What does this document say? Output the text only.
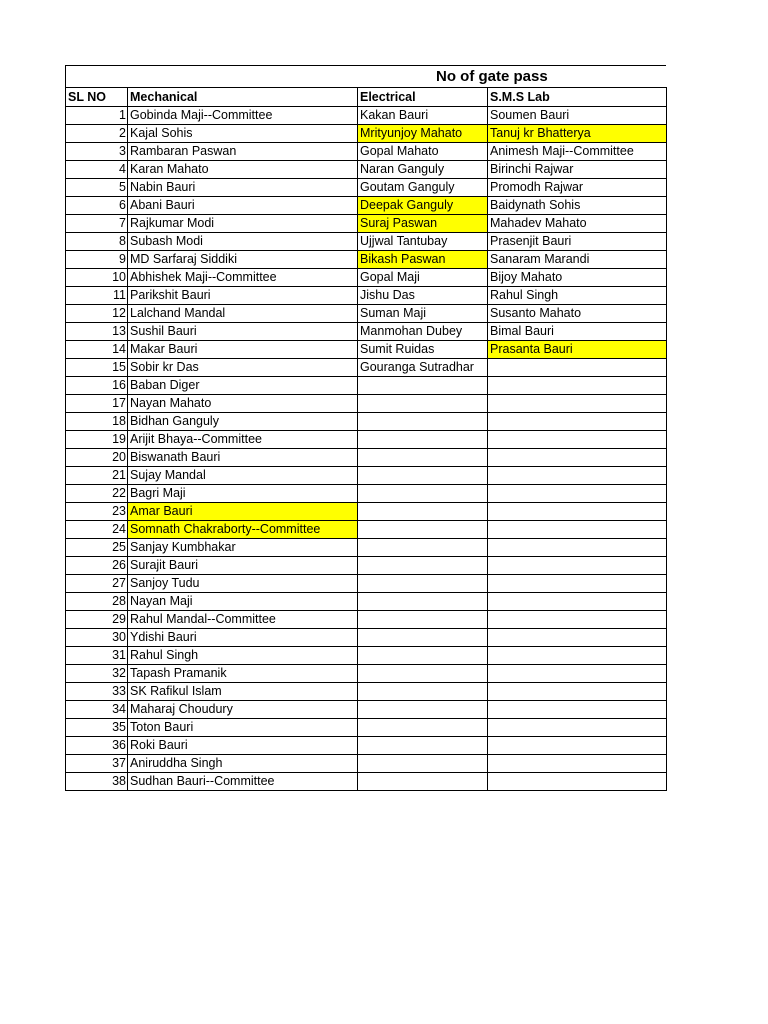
No of gate pass
SL NO	Mechanical	Electrical	S.M.S Lab
1	Gobinda Maji--Committee	Kakan Bauri	Soumen Bauri
2	Kajal Sohis	Mrityunjoy Mahato	Tanuj kr Bhatterya
3	Rambaran Paswan	Gopal Mahato	Animesh Maji--Committee
4	Karan Mahato	Naran Ganguly	Birinchi Rajwar
5	Nabin Bauri	Goutam Ganguly	Promodh Rajwar
6	Abani Bauri	Deepak Ganguly	Baidynath Sohis
7	Rajkumar Modi	Suraj Paswan	Mahadev Mahato
8	Subash Modi	Ujjwal Tantubay	Prasenjit Bauri
9	MD Sarfaraj Siddiki	Bikash Paswan	Sanaram Marandi
10	Abhishek Maji--Committee	Gopal Maji	Bijoy Mahato
11	Parikshit Bauri	Jishu Das	Rahul Singh
12	Lalchand Mandal	Suman Maji	Susanto Mahato
13	Sushil Bauri	Manmohan Dubey	Bimal Bauri
14	Makar Bauri	Sumit Ruidas	Prasanta Bauri
15	Sobir kr Das	Gouranga Sutradhar	
16	Baban Diger		
17	Nayan Mahato		
18	Bidhan Ganguly		
19	Arijit Bhaya--Committee		
20	Biswanath Bauri		
21	Sujay Mandal		
22	Bagri Maji		
23	Amar Bauri		
24	Somnath Chakraborty--Committee		
25	Sanjay Kumbhakar		
26	Surajit Bauri		
27	Sanjoy Tudu		
28	Nayan Maji		
29	Rahul Mandal--Committee		
30	Ydishi Bauri		
31	Rahul Singh		
32	Tapash Pramanik		
33	SK Rafikul Islam		
34	Maharaj Choudury		
35	Toton Bauri		
36	Roki Bauri		
37	Aniruddha Singh		
38	Sudhan Bauri--Committee		
